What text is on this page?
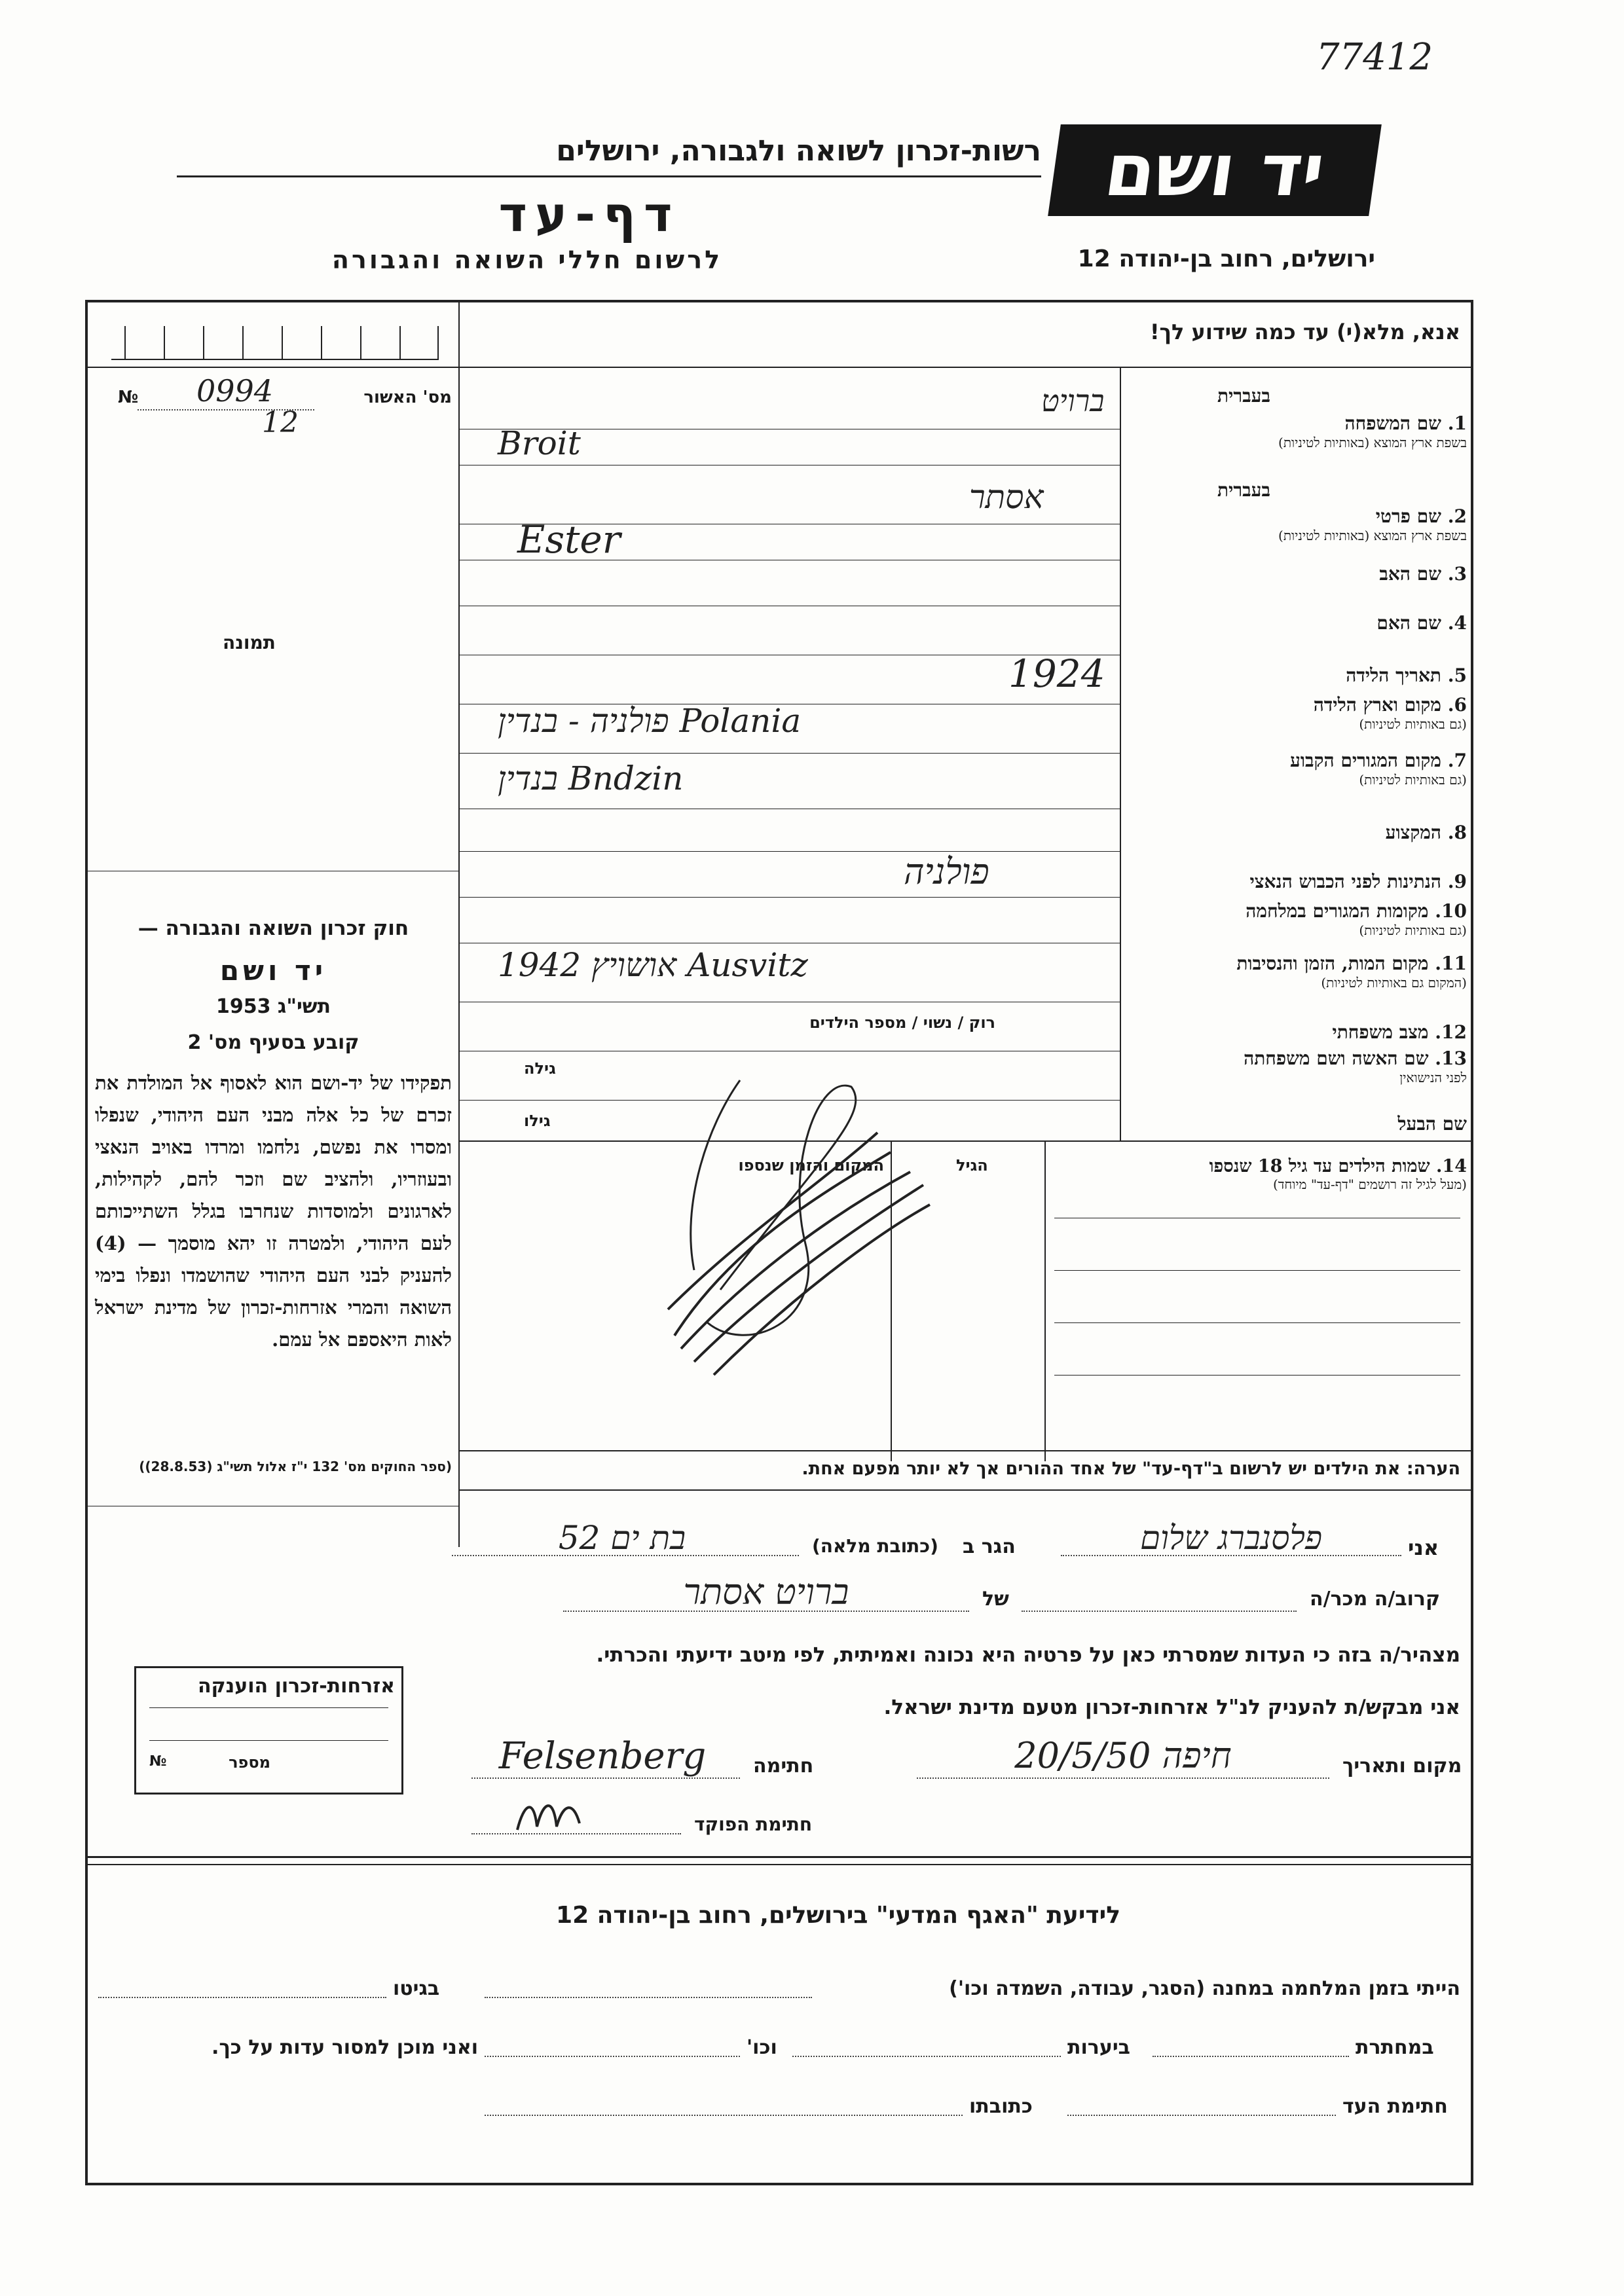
77412
יד ושם
רשות-זכרון לשואה ולגבורה, ירושלים
דף-עד
לרשום חללי השואה והגבורה	ירושלים, רחוב בן-יהודה 12
אנא, מלא(י) עד כמה שידוע לך!
מס' האשור
0994
12
№
תמונה
בעברית
1. שם המשפחה
בשפת ארץ המוצא (באותיות לטיניות)
בעברית
2. שם פרטי
בשפת ארץ המוצא (באותיות לטיניות)
3. שם האב
4. שם האם
5. תאריך הלידה
6. מקום וארץ הלידה
(גם באותיות לטיניות)
7. מקום המגורים הקבוע
(גם באותיות לטיניות)
8. המקצוע
9. הנתינות לפני הכבוש הנאצי
10. מקומות המגורים במלחמה
(גם באותיות לטיניות)
11. מקום המות, הזמן והנסיבות
(המקום גם באותיות לטיניות)
12. מצב משפחתי
13. שם האשה ושם משפחתה
לפני הנישואין
שם הבעל
ברויט
Broit
אסתר
Ester
1924
פולניה - בנדין Polania
בנדין Bndzin
פולניה
אושויץ 1942 Ausvitz
רוק / נשוי / מספר הילדים
גילה
גילו
14. שמות הילדים עד גיל 18 שנספו
(מעל לגיל זה רושמים "דף-עד" מיוחד)
הגיל
המקום והזמן שנספו
הערה: את הילדים יש לרשום ב"דף-עד" של אחד ההורים אך לא יותר מפעם אחת.
חוק זכרון השואה והגבורה —
יד ושם
תשי"ג 1953
קובע בסעיף מס' 2
תפקידו של יד-ושם הוא לאסוף אל המולדת את זכרם של כל אלה מבני העם היהודי, שנפלו ומסרו את נפשם, נלחמו ומרדו באויב הנאצי ובעוזריו, ולהציב שם וזכר להם, לקהילות, לארגונים ולמוסדות שנחרבו בגלל השתייכותם לעם היהודי, ולמטרה זו יהא מוסמך — (4) להעניק לבני העם היהודי שהושמדו ונפלו בימי השואה והמרי אזרחות-זכרון של מדינת ישראל לאות היאספם אל עמם.
(ספר החוקים מס' 132 י"ז אלול תשי"ג (28.8.53))
אני
פלסנברג שלום
הגר ב
(כתובת מלאה)
בת ים 52
קרוב/ה מכר/ה
של
ברויט אסתר
מצהיר/ה בזה כי העדות שמסרתי כאן על פרטיה היא נכונה ואמיתית, לפי מיטב ידיעתי והכרתי.
אני מבקש/ת להעניק לנ"ל אזרחות-זכרון מטעם מדינת ישראל.
מקום ותאריך
חיפה 20/5/50
חתימה
Felsenberg
חתימת הפוקד
אזרחות-זכרון הוענקה
מספר
№
לידיעת "האגף המדעי" בירושלים, רחוב בן-יהודה 12
הייתי בזמן המלחמה במחנה (הסגר, עבודה, השמדה וכו')
בגיטו
במחתרת
ביערות
וכו'
ואני מוכן למסור עדות על כך.
חתימת העד
כתובתו
